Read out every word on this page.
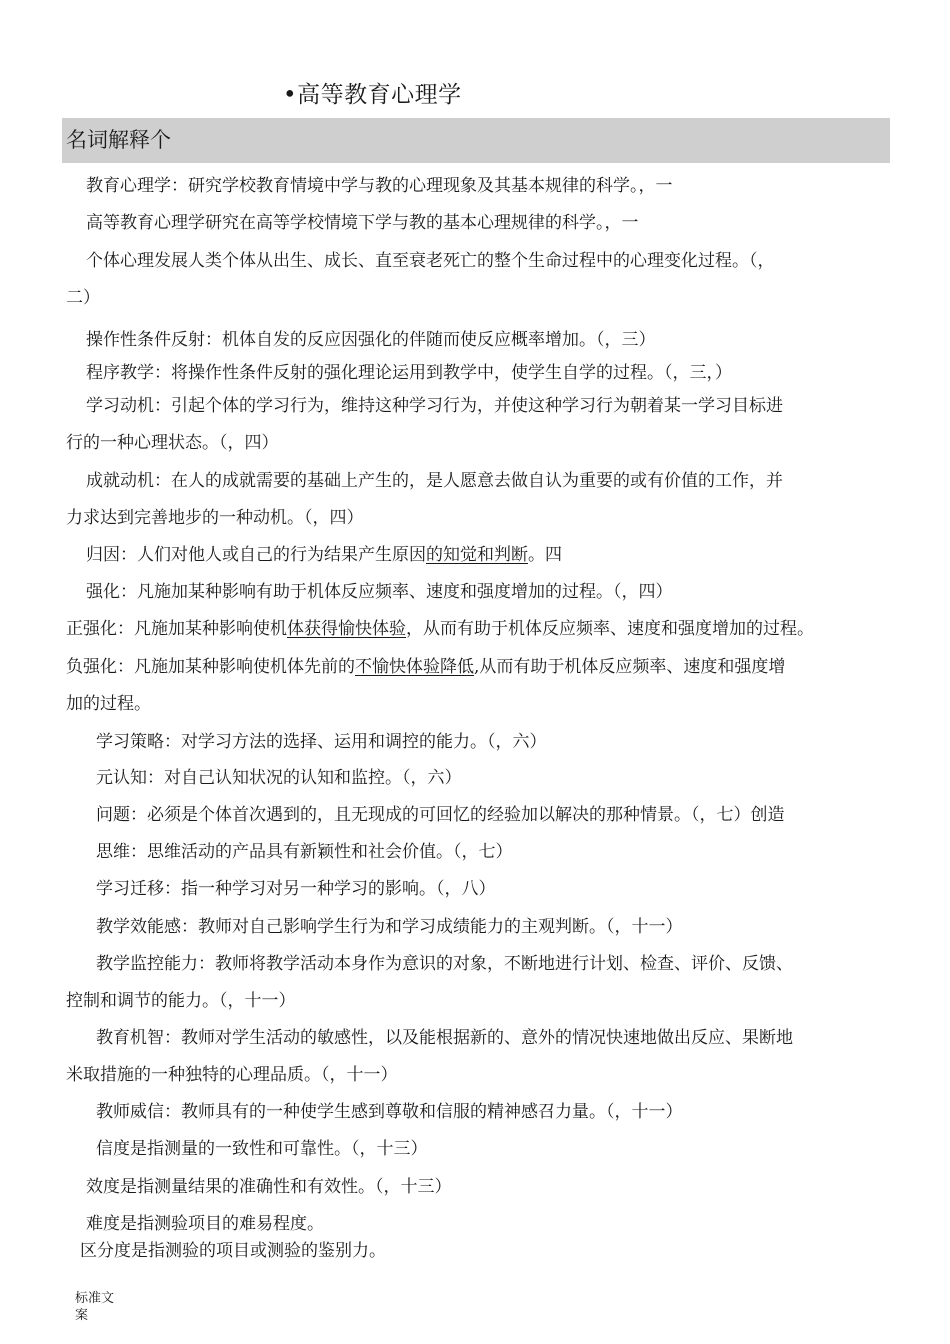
•高等教育心理学
名词解释个
教育心理学：研究学校教育情境中学与教的心理现象及其基本规律的科学。，一
高等教育心理学研究在高等学校情境下学与教的基本心理规律的科学。，一
个体心理发展人类个体从出生、成长、直至衰老死亡的整个生命过程中的心理变化过程。（，
二）
操作性条件反射：机体自发的反应因强化的伴随而使反应概率增加。（，三）
程序教学：将操作性条件反射的强化理论运用到教学中，使学生自学的过程。（，三，）
学习动机：引起个体的学习行为，维持这种学习行为，并使这种学习行为朝着某一学习目标进
行的一种心理状态。（，四）
成就动机：在人的成就需要的基础上产生的，是人愿意去做自认为重要的或有价值的工作，并
力求达到完善地步的一种动机。（，四）
归因：人们对他人或自己的行为结果产生原因的知觉和判断。四
强化：凡施加某种影响有助于机体反应频率、速度和强度增加的过程。（，四）
正强化：凡施加某种影响使机体获得愉快体验，从而有助于机体反应频率、速度和强度增加的过程。
负强化：凡施加某种影响使机体先前的不愉快体验降低,从而有助于机体反应频率、速度和强度增
加的过程。
学习策略：对学习方法的选择、运用和调控的能力。（，六）
元认知：对自己认知状况的认知和监控。（，六）
问题：必须是个体首次遇到的，且无现成的可回忆的经验加以解决的那种情景。（，七）创造
思维：思维活动的产品具有新颖性和社会价值。（，七）
学习迁移：指一种学习对另一种学习的影响。（，八）
教学效能感：教师对自己影响学生行为和学习成绩能力的主观判断。（，十一）
教学监控能力：教师将教学活动本身作为意识的对象，不断地进行计划、检查、评价、反馈、
控制和调节的能力。（，十一）
教育机智：教师对学生活动的敏感性，以及能根据新的、意外的情况快速地做出反应、果断地
米取措施的一种独特的心理品质。（，十一）
教师威信：教师具有的一种使学生感到尊敬和信服的精神感召力量。（，十一）
信度是指测量的一致性和可靠性。（，十三）
效度是指测量结果的准确性和有效性。（，十三）
难度是指测验项目的难易程度。
区分度是指测验的项目或测验的鉴别力。
标准文案
